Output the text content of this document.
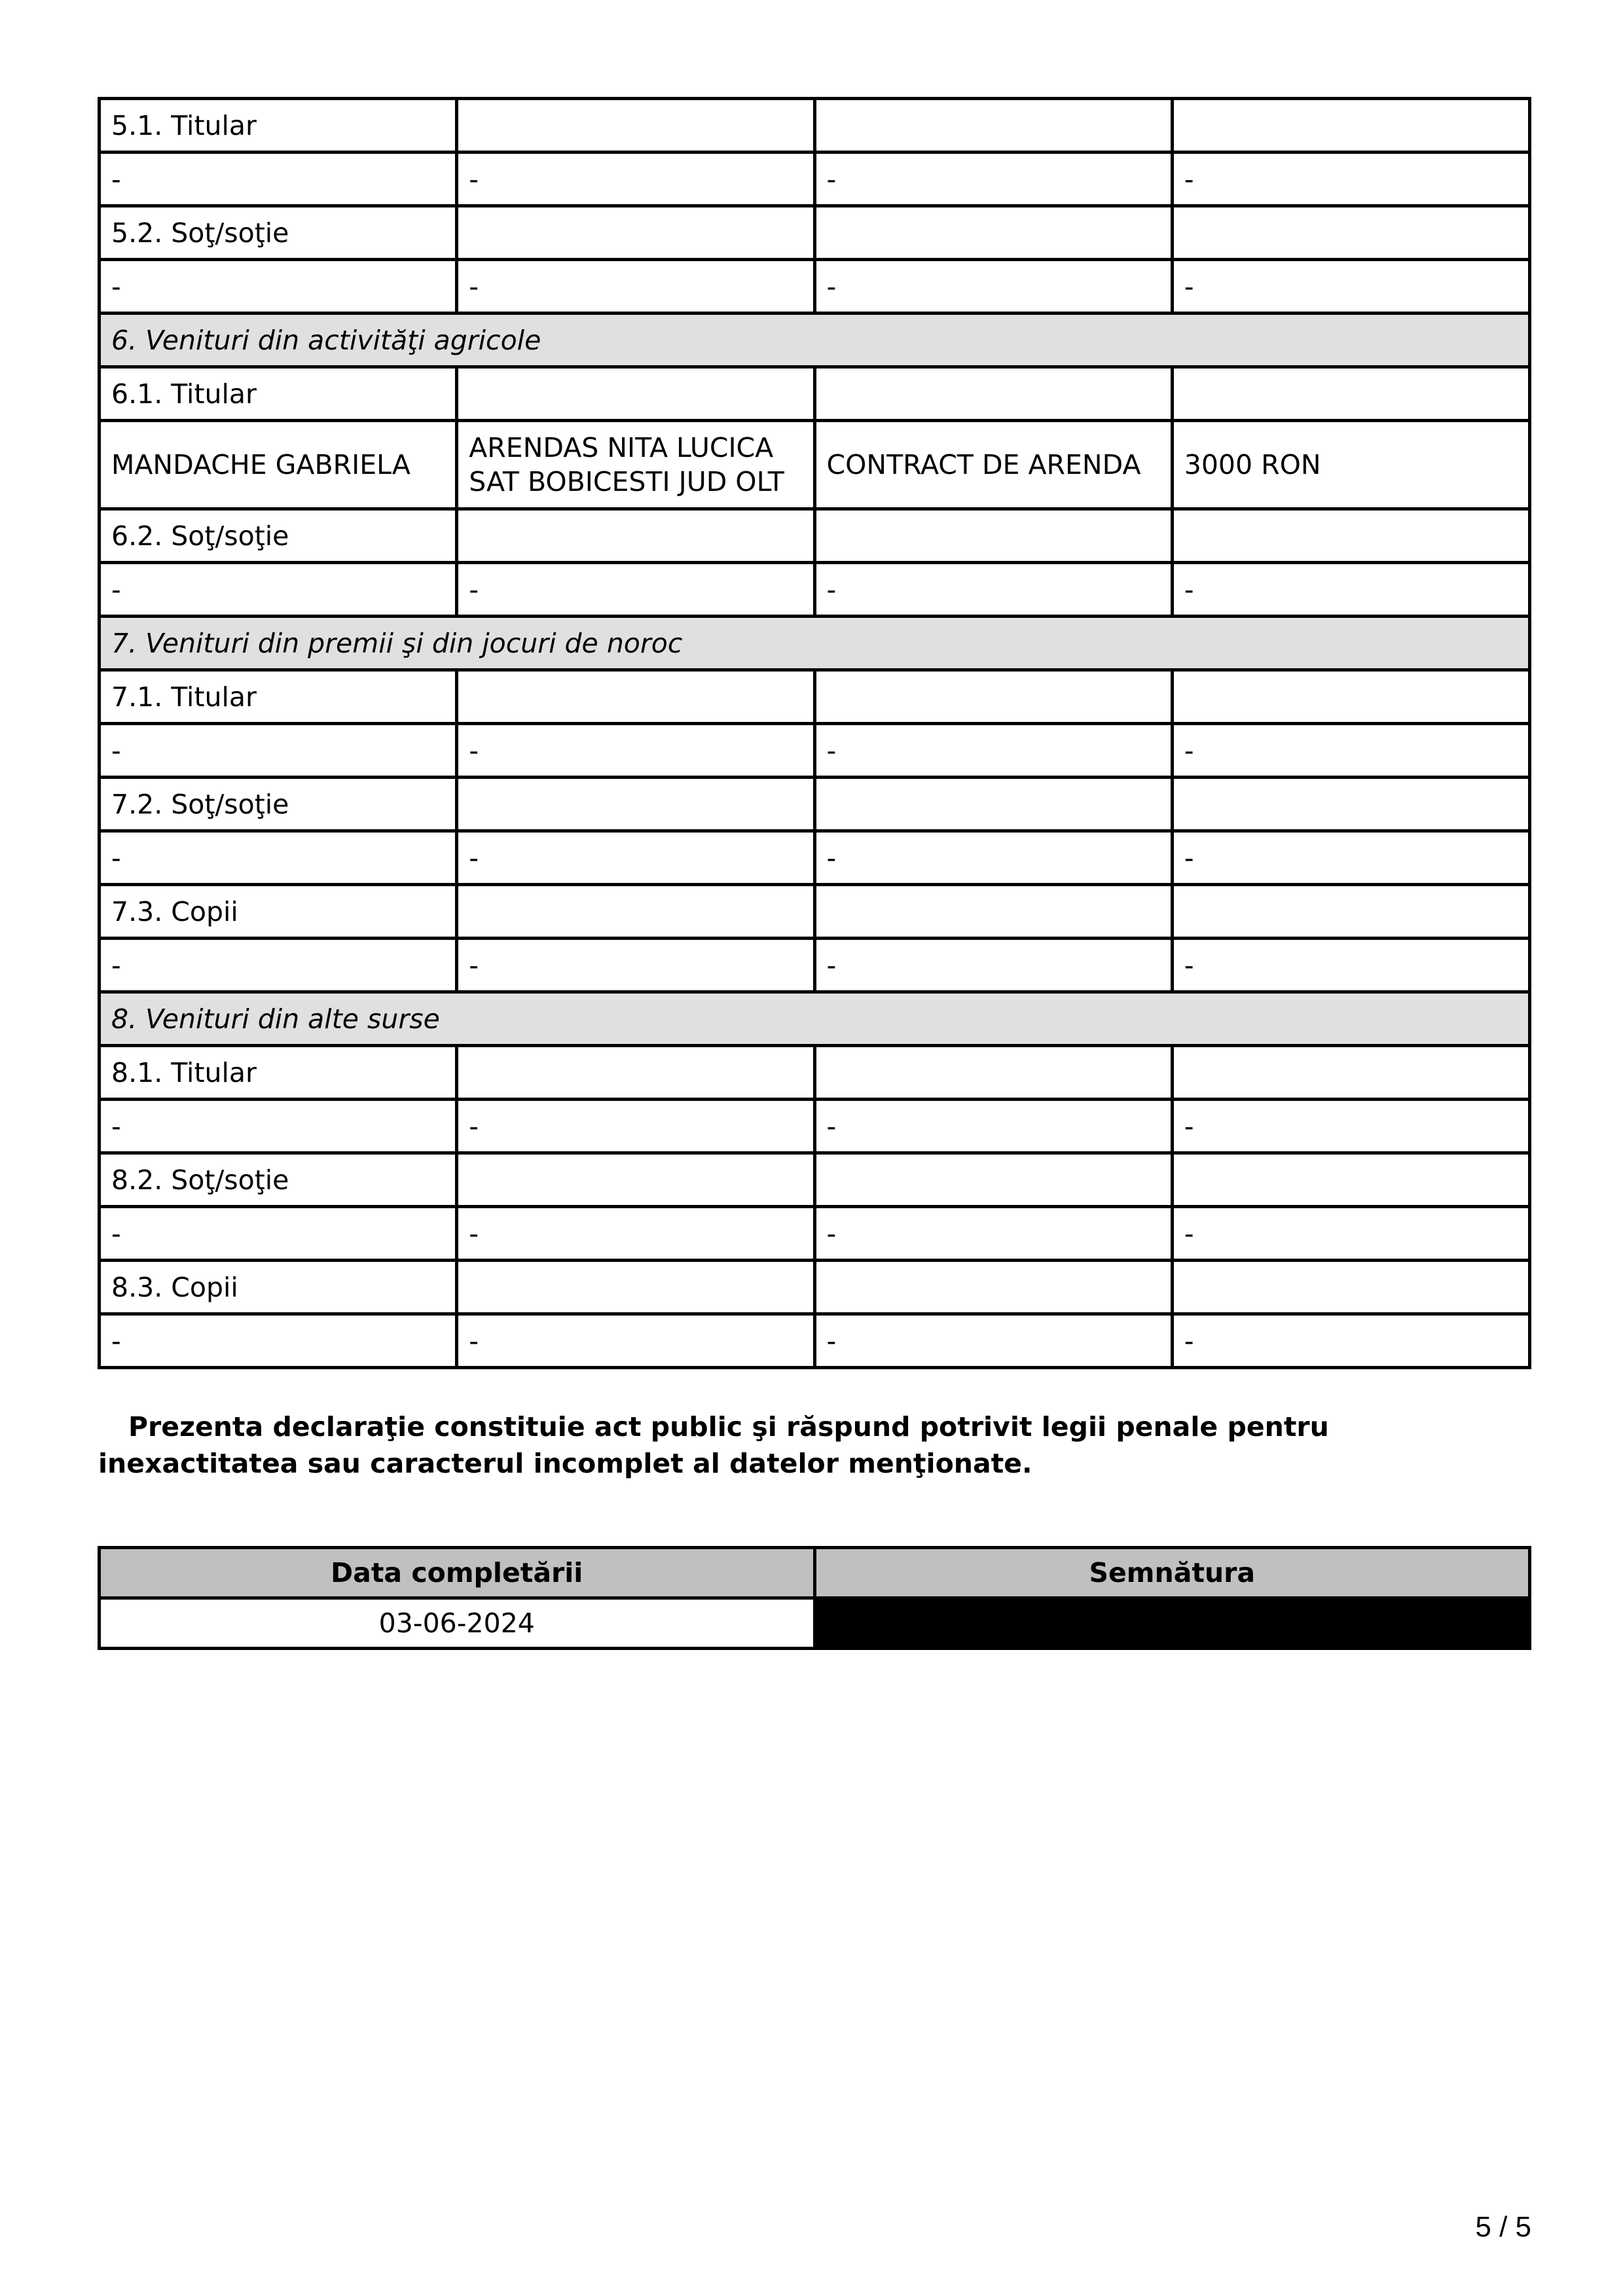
5.1. Titular			
-	-	-	-
5.2. Soţ/soţie			
-	-	-	-
6. Venituri din activităţi agricole			
6.1. Titular			
MANDACHE GABRIELA	ARENDAS NITA LUCICA SAT BOBICESTI JUD OLT	CONTRACT DE ARENDA	3000 RON
6.2. Soţ/soţie			
-	-	-	-
7. Venituri din premii şi din jocuri de noroc			
7.1. Titular			
-	-	-	-
7.2. Soţ/soţie			
-	-	-	-
7.3. Copii			
-	-	-	-
8. Venituri din alte surse			
8.1. Titular			
-	-	-	-
8.2. Soţ/soţie			
-	-	-	-
8.3. Copii			
-	-	-	-

Prezenta declaraţie constituie act public şi răspund potrivit legii penale pentru inexactitatea sau caracterul incomplet al datelor menţionate.

Data completării	Semnătura
03-06-2024	
5 / 5
